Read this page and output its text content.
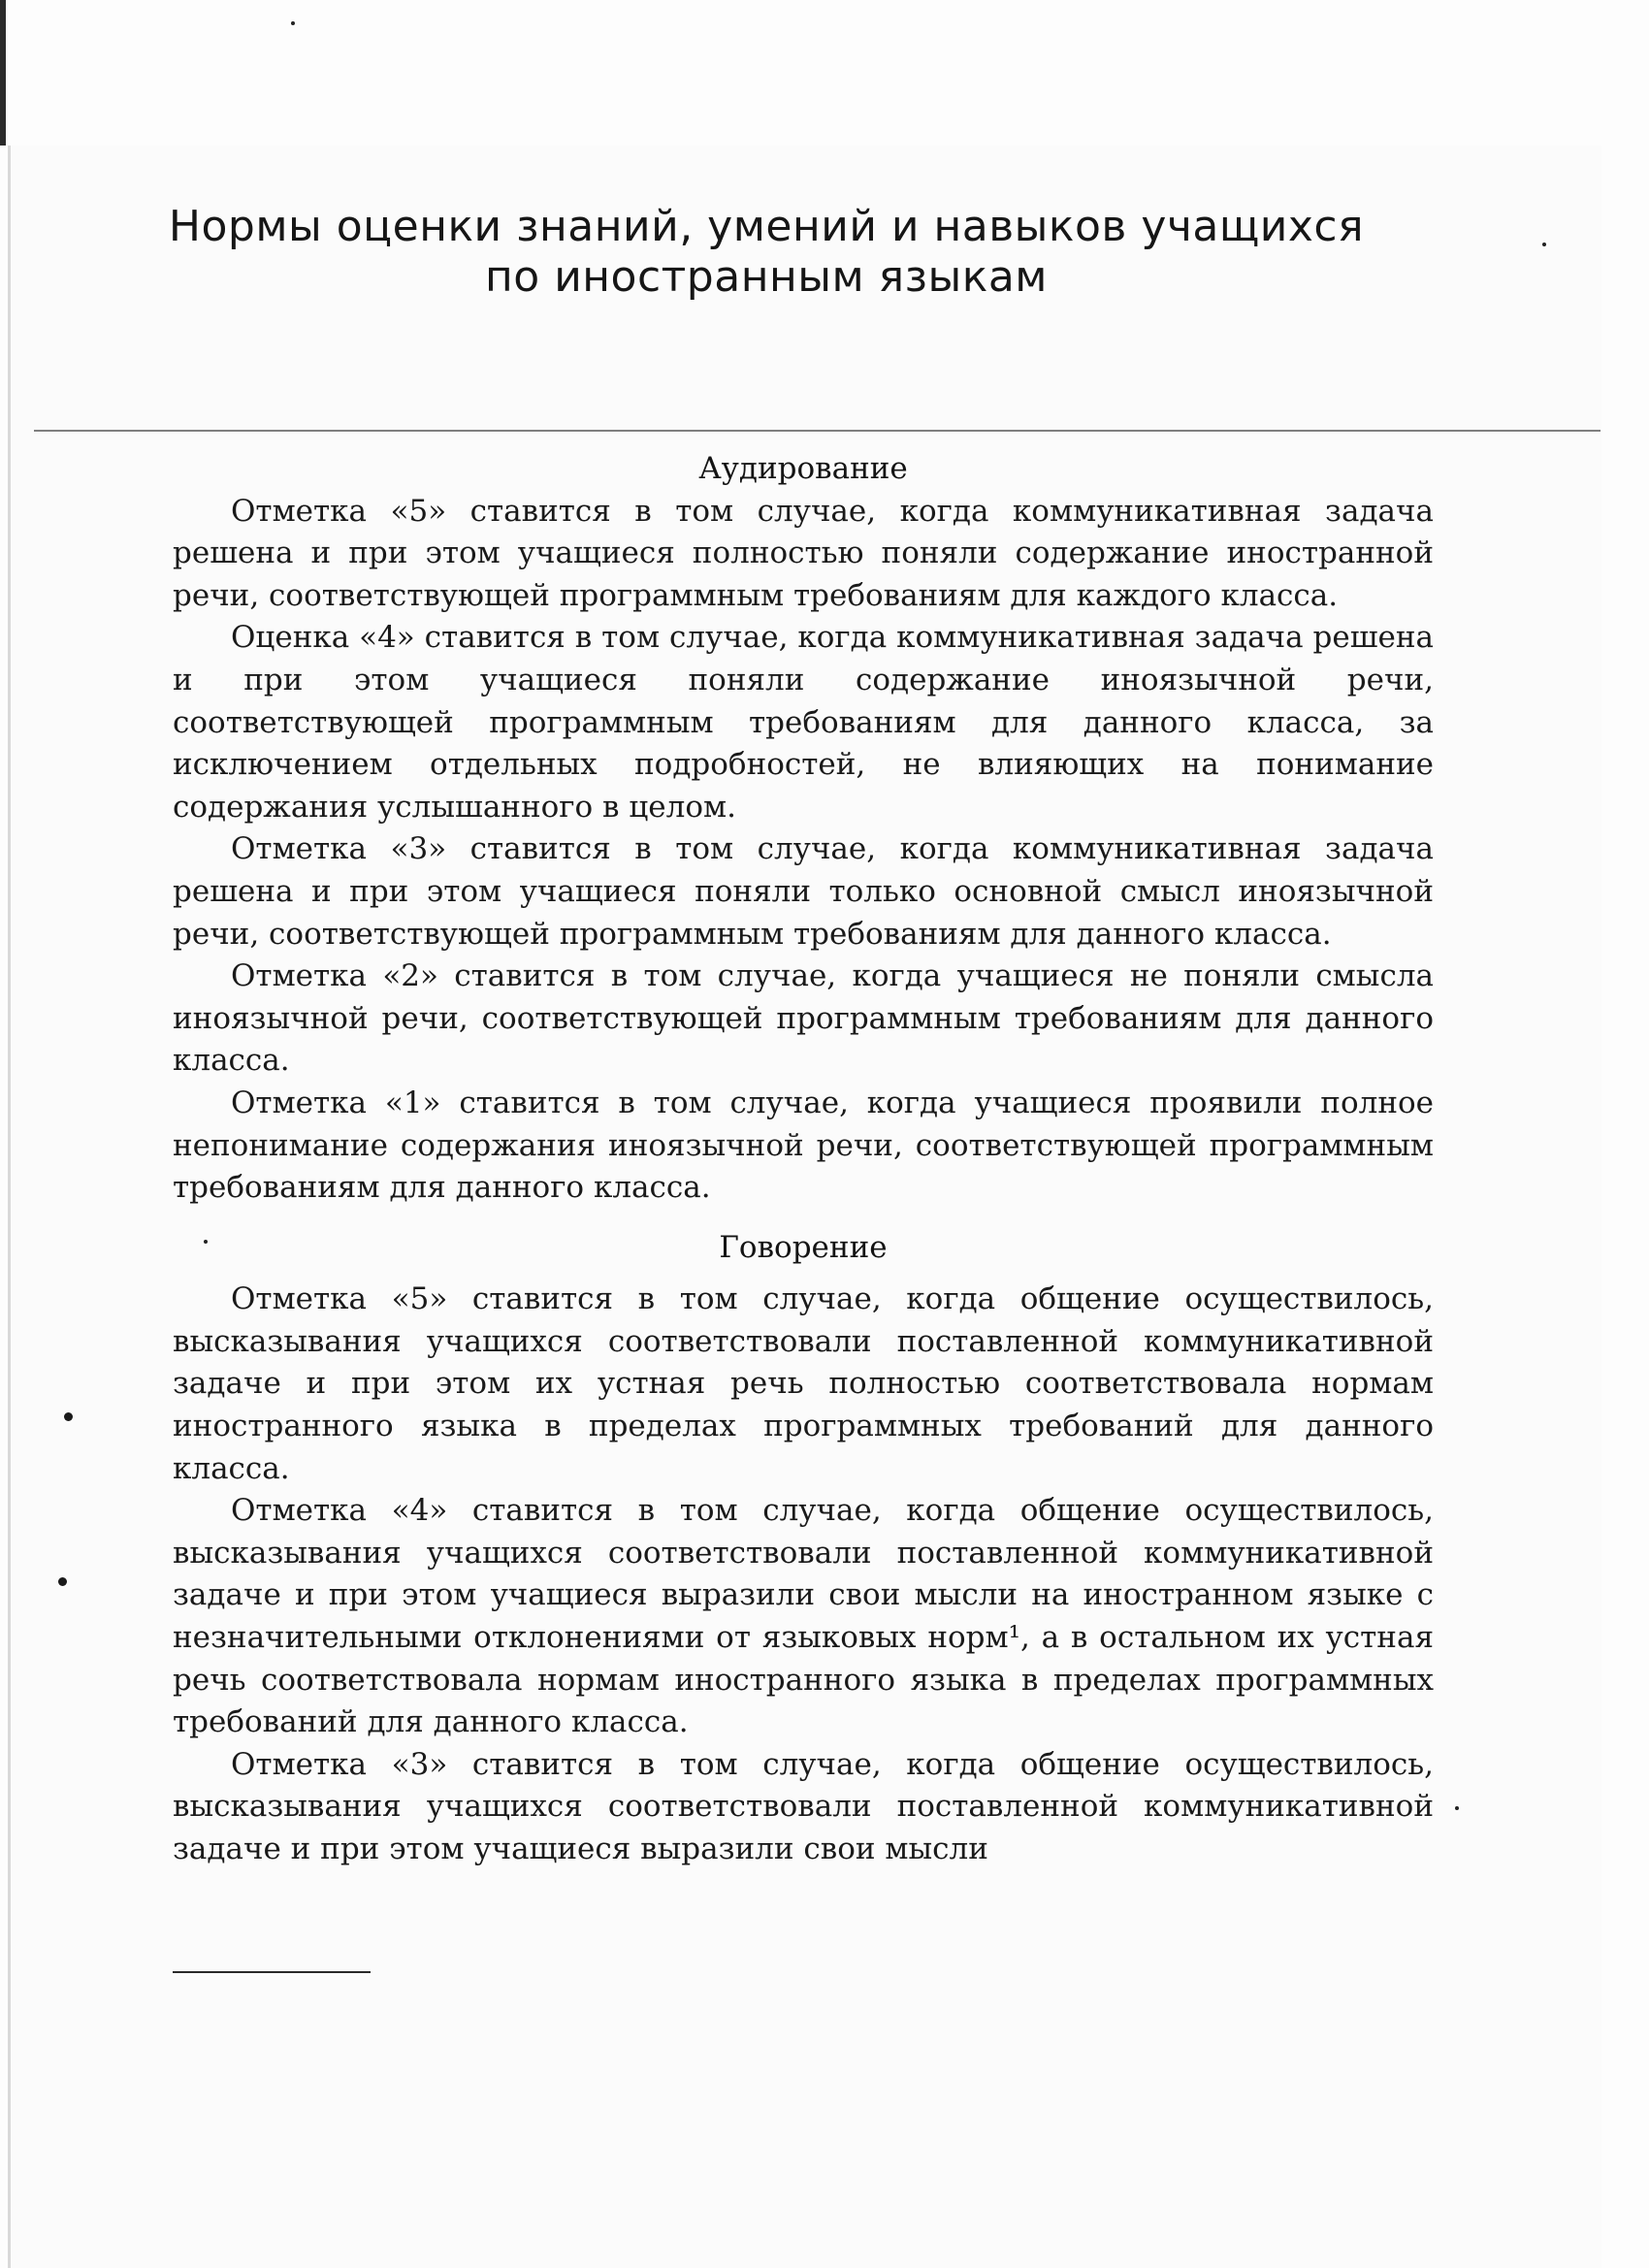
Нормы оценки знаний, умений и навыков учащихся
по иностранным языкам
Аудирование

Отметка «5» ставится в том случае, когда коммуникативная задача решена и при этом учащиеся полностью поняли содержание иностранной речи, соответствующей программным требованиям для каждого класса.

Оценка «4» ставится в том случае, когда коммуникативная задача решена и при этом учащиеся поняли содержание иноязычной речи, соответствующей программным требованиям для данного класса, за исключением отдельных подробностей, не влияющих на понимание содержания услышанного в целом.

Отметка «3» ставится в том случае, когда коммуникативная задача решена и при этом учащиеся поняли только основной смысл иноязычной речи, соответствующей программным требованиям для данного класса.

Отметка «2» ставится в том случае, когда учащиеся не поняли смысла иноязычной речи, соответствующей программным требованиям для данного класса.

Отметка «1» ставится в том случае, когда учащиеся проявили полное непонимание содержания иноязычной речи, соответствующей программным требованиям для данного класса.

Говорение

Отметка «5» ставится в том случае, когда общение осуществилось, высказывания учащихся соответствовали поставленной коммуникативной задаче и при этом их устная речь полностью соответствовала нормам иностранного языка в пределах программных требований для данного класса.

Отметка «4» ставится в том случае, когда общение осуществилось, высказывания учащихся соответствовали поставленной коммуникативной задаче и при этом учащиеся выразили свои мысли на иностранном языке с незначительными отклонениями от языковых норм¹, а в остальном их устная речь соответствовала нормам иностранного языка в пределах программных требований для данного класса.

Отметка «3» ставится в том случае, когда общение осуществилось, высказывания учащихся соответствовали поставленной коммуникативной задаче и при этом учащиеся выразили свои мысли
